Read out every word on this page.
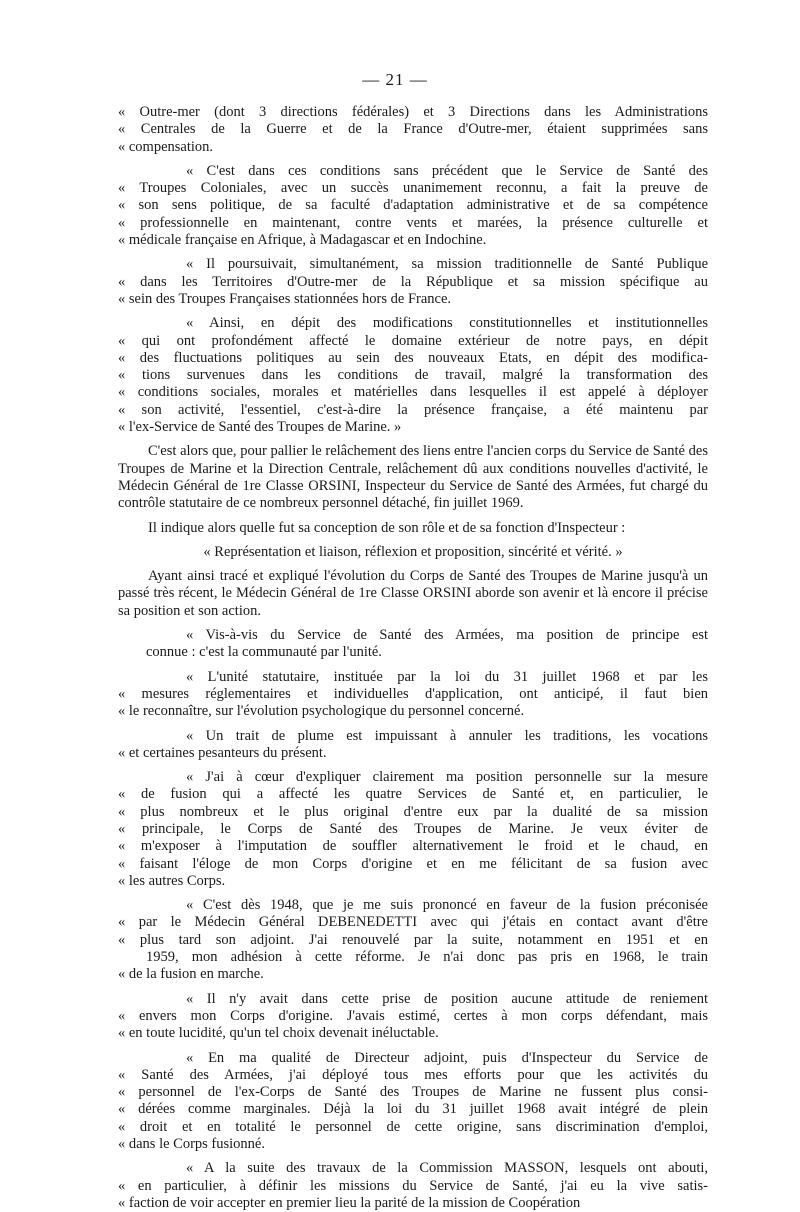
— 21 —
« Outre-mer (dont 3 directions fédérales) et 3 Directions dans les Administrations
« Centrales de la Guerre et de la France d'Outre-mer, étaient supprimées sans
« compensation.
« C'est dans ces conditions sans précédent que le Service de Santé des
« Troupes Coloniales, avec un succès unanimement reconnu, a fait la preuve de
« son sens politique, de sa faculté d'adaptation administrative et de sa compétence
« professionnelle en maintenant, contre vents et marées, la présence culturelle et
« médicale française en Afrique, à Madagascar et en Indochine.
« Il poursuivait, simultanément, sa mission traditionnelle de Santé Publique
« dans les Territoires d'Outre-mer de la République et sa mission spécifique au
« sein des Troupes Françaises stationnées hors de France.
« Ainsi, en dépit des modifications constitutionnelles et institutionnelles
« qui ont profondément affecté le domaine extérieur de notre pays, en dépit
« des fluctuations politiques au sein des nouveaux Etats, en dépit des modifica-
« tions survenues dans les conditions de travail, malgré la transformation des
« conditions sociales, morales et matérielles dans lesquelles il est appelé à déployer
« son activité, l'essentiel, c'est-à-dire la présence française, a été maintenu par
« l'ex-Service de Santé des Troupes de Marine. »
C'est alors que, pour pallier le relâchement des liens entre l'ancien corps du Service de Santé des Troupes de Marine et la Direction Centrale, relâchement dû aux conditions nouvelles d'activité, le Médecin Général de 1re Classe ORSINI, Inspecteur du Service de Santé des Armées, fut chargé du contrôle statutaire de ce nombreux personnel détaché, fin juillet 1969.
Il indique alors quelle fut sa conception de son rôle et de sa fonction d'Inspecteur :
« Représentation et liaison, réflexion et proposition, sincérité et vérité. »
Ayant ainsi tracé et expliqué l'évolution du Corps de Santé des Troupes de Marine jusqu'à un passé très récent, le Médecin Général de 1re Classe ORSINI aborde son avenir et là encore il précise sa position et son action.
« Vis-à-vis du Service de Santé des Armées, ma position de principe est
connue : c'est la communauté par l'unité.
« L'unité statutaire, instituée par la loi du 31 juillet 1968 et par les
« mesures réglementaires et individuelles d'application, ont anticipé, il faut bien
« le reconnaître, sur l'évolution psychologique du personnel concerné.
« Un trait de plume est impuissant à annuler les traditions, les vocations
« et certaines pesanteurs du présent.
« J'ai à cœur d'expliquer clairement ma position personnelle sur la mesure
« de fusion qui a affecté les quatre Services de Santé et, en particulier, le
« plus nombreux et le plus original d'entre eux par la dualité de sa mission
« principale, le Corps de Santé des Troupes de Marine. Je veux éviter de
« m'exposer à l'imputation de souffler alternativement le froid et le chaud, en
« faisant l'éloge de mon Corps d'origine et en me félicitant de sa fusion avec
« les autres Corps.
« C'est dès 1948, que je me suis prononcé en faveur de la fusion préconisée
« par le Médecin Général DEBENEDETTI avec qui j'étais en contact avant d'être
« plus tard son adjoint. J'ai renouvelé par la suite, notamment en 1951 et en
1959, mon adhésion à cette réforme. Je n'ai donc pas pris en 1968, le train
« de la fusion en marche.
« Il n'y avait dans cette prise de position aucune attitude de reniement
« envers mon Corps d'origine. J'avais estimé, certes à mon corps défendant, mais
« en toute lucidité, qu'un tel choix devenait inéluctable.
« En ma qualité de Directeur adjoint, puis d'Inspecteur du Service de
« Santé des Armées, j'ai déployé tous mes efforts pour que les activités du
« personnel de l'ex-Corps de Santé des Troupes de Marine ne fussent plus consi-
« dérées comme marginales. Déjà la loi du 31 juillet 1968 avait intégré de plein
« droit et en totalité le personnel de cette origine, sans discrimination d'emploi,
« dans le Corps fusionné.
« A la suite des travaux de la Commission MASSON, lesquels ont abouti,
« en particulier, à définir les missions du Service de Santé, j'ai eu la vive satis-
« faction de voir accepter en premier lieu la parité de la mission de Coopération
